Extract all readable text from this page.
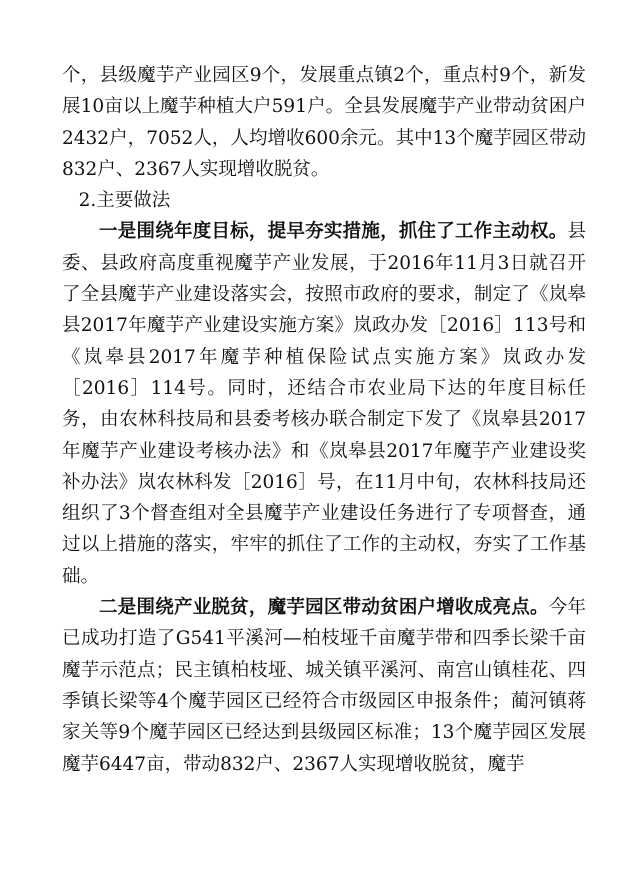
个，县级魔芋产业园区9个，发展重点镇2个，重点村9个，新发展10亩以上魔芋种植大户591户。全县发展魔芋产业带动贫困户2432户，7052人，人均增收600余元。其中13个魔芋园区带动832户、2367人实现增收脱贫。

2.主要做法

一是围绕年度目标，提早夯实措施，抓住了工作主动权。县委、县政府高度重视魔芋产业发展，于2016年11月3日就召开了全县魔芋产业建设落实会，按照市政府的要求，制定了《岚皋县2017年魔芋产业建设实施方案》岚政办发［2016］113号和《岚皋县2017年魔芋种植保险试点实施方案》岚政办发［2016］114号。同时，还结合市农业局下达的年度目标任务，由农林科技局和县委考核办联合制定下发了《岚皋县2017年魔芋产业建设考核办法》和《岚皋县2017年魔芋产业建设奖补办法》岚农林科发［2016］号，在11月中旬，农林科技局还组织了3个督查组对全县魔芋产业建设任务进行了专项督查，通过以上措施的落实，牢牢的抓住了工作的主动权，夯实了工作基础。

二是围绕产业脱贫，魔芋园区带动贫困户增收成亮点。今年已成功打造了G541平溪河—柏枝垭千亩魔芋带和四季长梁千亩魔芋示范点；民主镇柏枝垭、城关镇平溪河、南宫山镇桂花、四季镇长梁等4个魔芋园区已经符合市级园区申报条件；蔺河镇蒋家关等9个魔芋园区已经达到县级园区标准；13个魔芋园区发展魔芋6447亩，带动832户、2367人实现增收脱贫，魔芋
